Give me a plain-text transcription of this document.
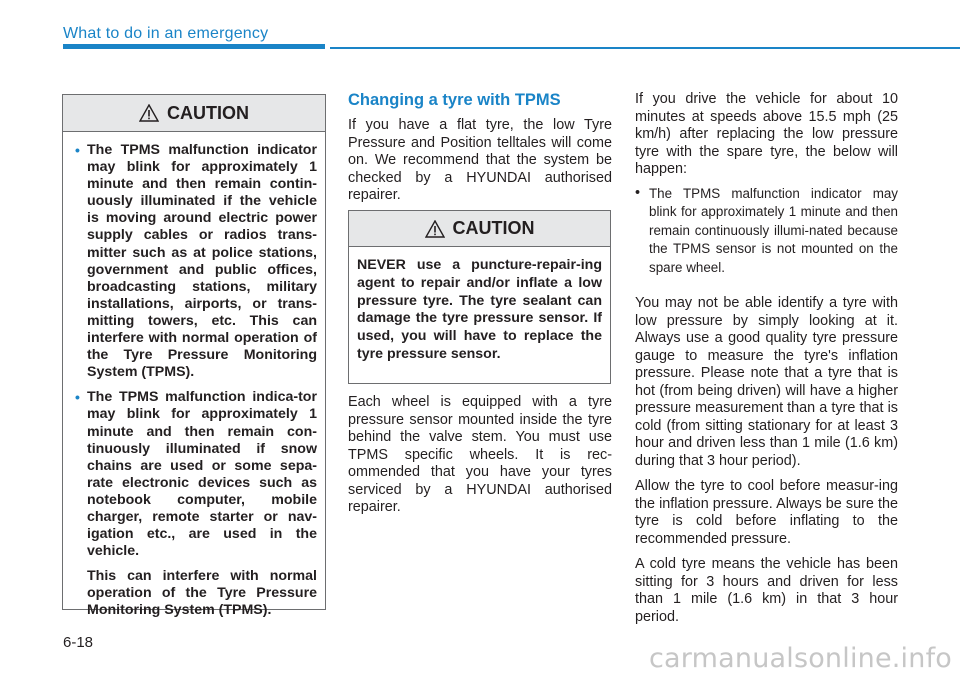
What to do in an emergency
CAUTION
• The TPMS malfunction indicator may blink for approximately 1 minute and then remain contin-uously illuminated if the vehicle is moving around electric power supply cables or radios trans-mitter such as at police stations, government and public offices, broadcasting stations, military installations, airports, or trans-mitting towers, etc. This can interfere with normal operation of the Tyre Pressure Monitoring System (TPMS).
• The TPMS malfunction indica-tor may blink for approximately 1 minute and then remain con-tinuously illuminated if snow chains are used or some sepa-rate electronic devices such as notebook computer, mobile charger, remote starter or nav-igation etc., are used in the vehicle.
This can interfere with normal operation of the Tyre Pressure Monitoring System (TPMS).
Changing a tyre with TPMS

If you have a flat tyre, the low Tyre Pressure and Position telltales will come on. We recommend that the system be checked by a HYUNDAI authorised repairer.

CAUTION
NEVER use a puncture-repair-ing agent to repair and/or inflate a low pressure tyre. The tyre sealant can damage the tyre pressure sensor. If used, you will have to replace the tyre pressure sensor.

Each wheel is equipped with a tyre pressure sensor mounted inside the tyre behind the valve stem. You must use TPMS specific wheels. It is rec-ommended that you have your tyres serviced by a HYUNDAI authorised repairer.

If you drive the vehicle for about 10 minutes at speeds above 15.5 mph (25 km/h) after replacing the low pressure tyre with the spare tyre, the below will happen:

• The TPMS malfunction indicator may blink for approximately 1 minute and then remain continuously illumi-nated because the TPMS sensor is not mounted on the spare wheel.

You may not be able identify a tyre with low pressure by simply looking at it. Always use a good quality tyre pressure gauge to measure the tyre's inflation pressure. Please note that a tyre that is hot (from being driven) will have a higher pressure measurement than a tyre that is cold (from sitting stationary for at least 3 hour and driven less than 1 mile (1.6 km) during that 3 hour period).

Allow the tyre to cool before measur-ing the inflation pressure. Always be sure the tyre is cold before inflating to the recommended pressure.

A cold tyre means the vehicle has been sitting for 3 hours and driven for less than 1 mile (1.6 km) in that 3 hour period.

6-18
carmanualsonline.info
